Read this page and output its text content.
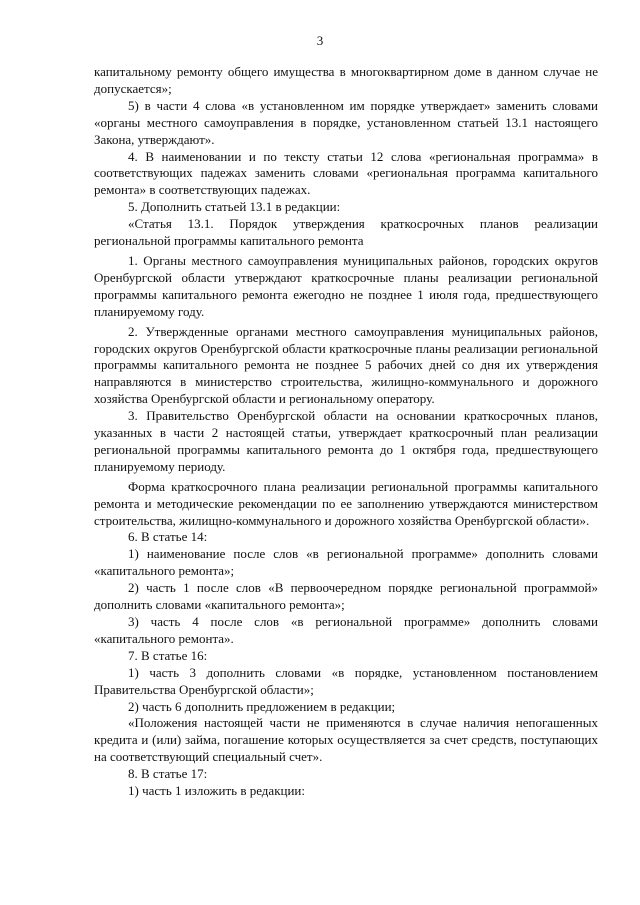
3

капитальному ремонту общего имущества в многоквартирном доме в данном случае не допускается»;

5) в части 4 слова «в установленном им порядке утверждает» заменить словами «органы местного самоуправления в порядке, установленном статьей 13.1 настоящего Закона, утверждают».

4. В наименовании и по тексту статьи 12 слова «региональная программа» в соответствующих падежах заменить словами «региональная программа капитального ремонта» в соответствующих падежах.

5. Дополнить статьей 13.1 в редакции:

«Статья 13.1. Порядок утверждения краткосрочных планов реализации региональной программы капитального ремонта

1. Органы местного самоуправления муниципальных районов, городских округов Оренбургской области утверждают краткосрочные планы реализации региональной программы капитального ремонта ежегодно не позднее 1 июля года, предшествующего планируемому году.

2. Утвержденные органами местного самоуправления муниципальных районов, городских округов Оренбургской области краткосрочные планы реализации региональной программы капитального ремонта не позднее 5 рабочих дней со дня их утверждения направляются в министерство строительства, жилищно-коммунального и дорожного хозяйства Оренбургской области и региональному оператору.

3. Правительство Оренбургской области на основании краткосрочных планов, указанных в части 2 настоящей статьи, утверждает краткосрочный план реализации региональной программы капитального ремонта до 1 октября года, предшествующего планируемому периоду.

Форма краткосрочного плана реализации региональной программы капитального ремонта и методические рекомендации по ее заполнению утверждаются министерством строительства, жилищно-коммунального и дорожного хозяйства Оренбургской области».

6. В статье 14:

1) наименование после слов «в региональной программе» дополнить словами «капитального ремонта»;

2) часть 1 после слов «В первоочередном порядке региональной программой» дополнить словами «капитального ремонта»;

3) часть 4 после слов «в региональной программе» дополнить словами «капитального ремонта».

7. В статье 16:

1) часть 3 дополнить словами «в порядке, установленном постановлением Правительства Оренбургской области»;

2) часть 6 дополнить предложением в редакции;

«Положения настоящей части не применяются в случае наличия непогашенных кредита и (или) займа, погашение которых осуществляется за счет средств, поступающих на соответствующий специальный счет».

8. В статье 17:

1) часть 1 изложить в редакции:
